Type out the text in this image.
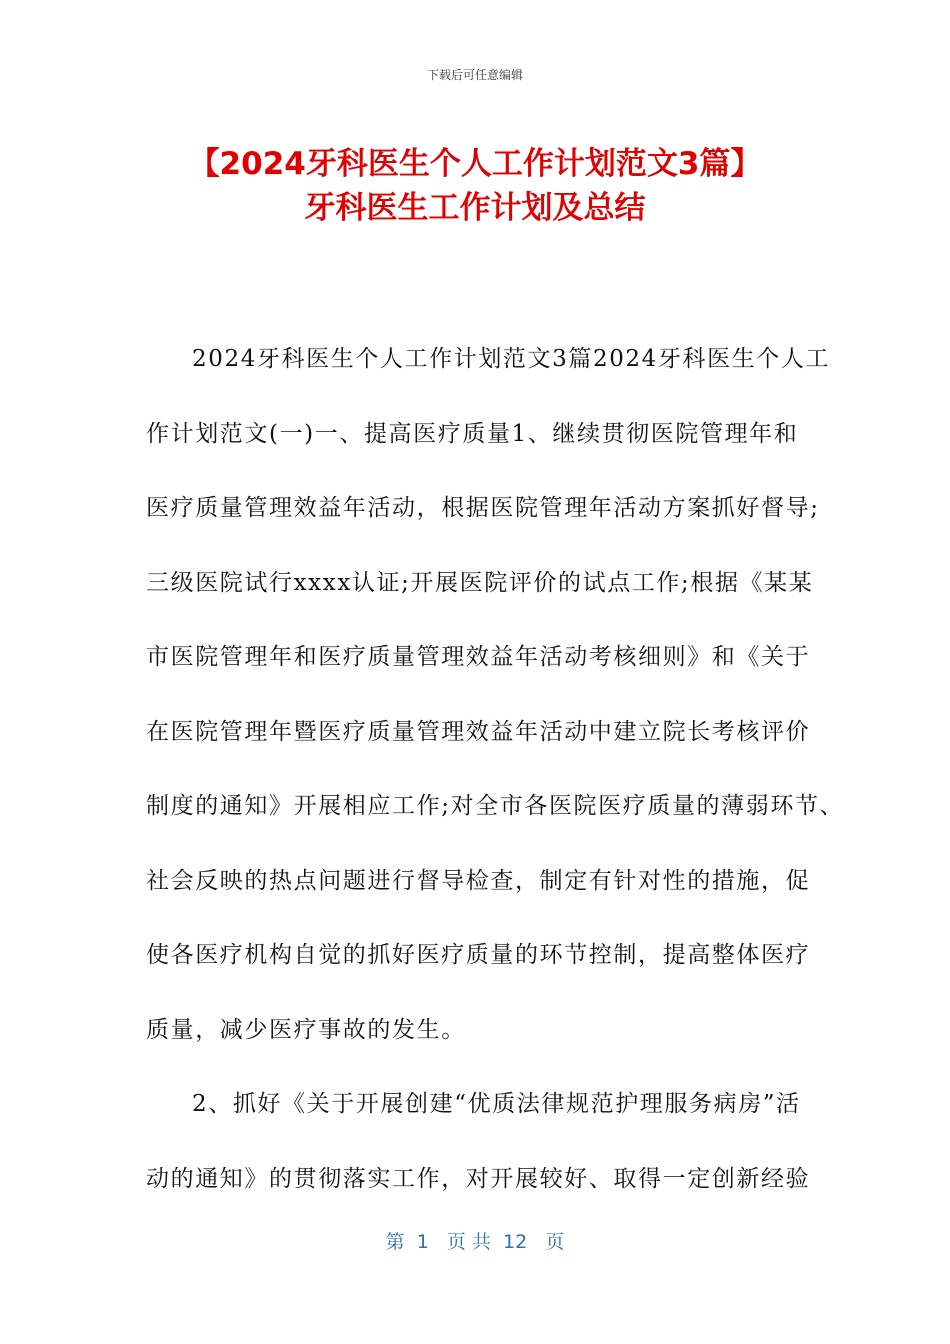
下载后可任意编辑
【2024牙科医生个人工作计划范文3篇】
牙科医生工作计划及总结
2024牙科医生个人工作计划范文3篇2024牙科医生个人工
作计划范文(一)一、提高医疗质量1、继续贯彻医院管理年和
医疗质量管理效益年活动，根据医院管理年活动方案抓好督导;
三级医院试行xxxx认证;开展医院评价的试点工作;根据《某某
市医院管理年和医疗质量管理效益年活动考核细则》和《关于
在医院管理年暨医疗质量管理效益年活动中建立院长考核评价
制度的通知》开展相应工作;对全市各医院医疗质量的薄弱环节、
社会反映的热点问题进行督导检查，制定有针对性的措施，促
使各医疗机构自觉的抓好医疗质量的环节控制，提高整体医疗
质量，减少医疗事故的发生。
2、抓好《关于开展创建“优质法律规范护理服务病房”活
动的通知》的贯彻落实工作，对开展较好、取得一定创新经验
第  1   页 共  12   页
